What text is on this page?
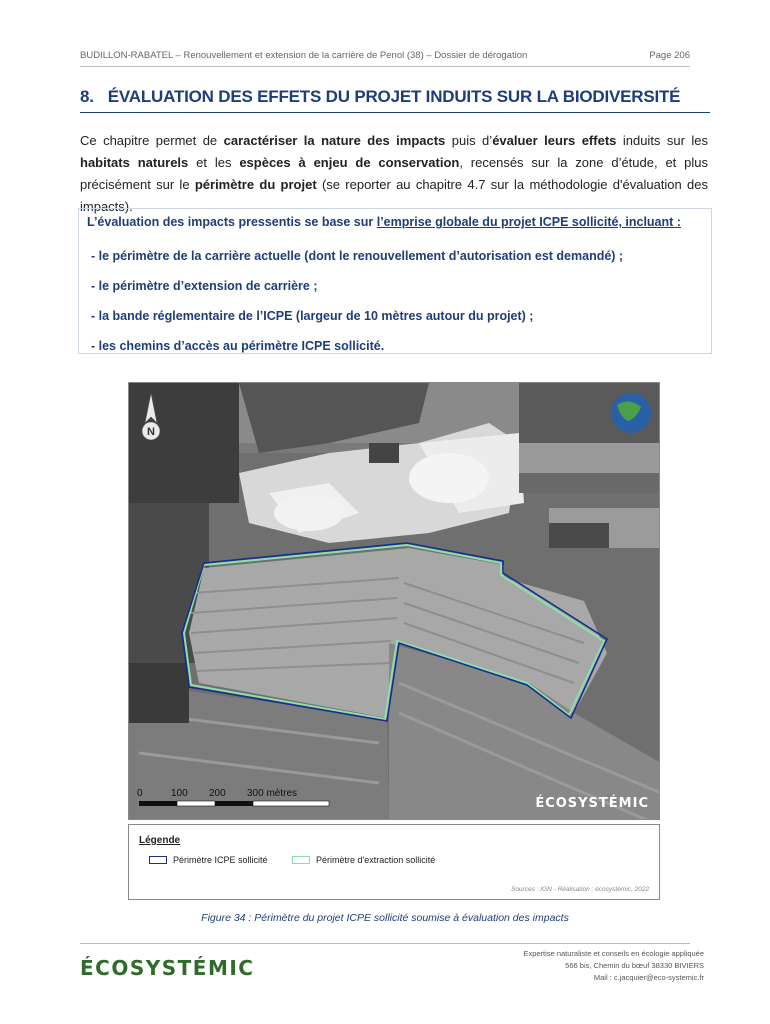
BUDILLON-RABATEL – Renouvellement et extension de la carrière de Penol (38) – Dossier de dérogation	Page 206
8. ÉVALUATION DES EFFETS DU PROJET INDUITS SUR LA BIODIVERSITÉ
Ce chapitre permet de caractériser la nature des impacts puis d’évaluer leurs effets induits sur les habitats naturels et les espèces à enjeu de conservation, recensés sur la zone d’étude, et plus précisément sur le périmètre du projet (se reporter au chapitre 4.7 sur la méthodologie d'évaluation des impacts).
L’évaluation des impacts pressentis se base sur l’emprise globale du projet ICPE sollicité, incluant :
- le périmètre de la carrière actuelle (dont le renouvellement d’autorisation est demandé) ;
- le périmètre d’extension de carrière ;
- la bande réglementaire de l’ICPE (largeur de 10 mètres autour du projet) ;
- les chemins d’accès au périmètre ICPE sollicité.
N
0	100 200 300 mètres
ÉCOSYSTÉMIC
Légende
Périmètre ICPE sollicité	Périmètre d'extraction sollicité
Sources : IGN - Réalisation : écosystémic, 2022
Figure 34 : Périmètre du projet ICPE sollicité soumise à évaluation des impacts
ÉCOSYSTÉMIC
Expertise naturaliste et conseils en écologie appliquée
566 bis, Chemin du bœuf 38330 BIVIERS
Mail : c.jacquier@eco-systemic.fr
